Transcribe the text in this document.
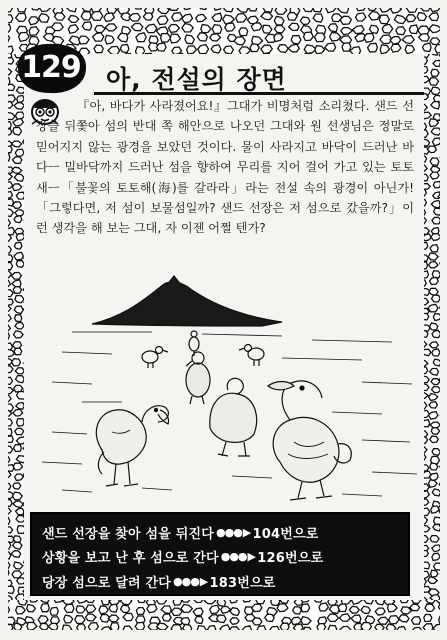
129	아, 전설의 장면
『아, 바다가 사라졌어요!』그대가 비명처럼 소리쳤다. 샌드 선장을 뒤쫓아 섬의 반대 쪽 해안으로 나오던 그대와 원 선생님은 정말로 믿어지지 않는 광경을 보았던 것이다. 물이 사라지고 바닥이 드러난 바다ㅡ 밀바닥까지 드러난 섬을 향하여 무리를 지어 걸어 가고 있는 토토 새ㅡ「불꽃의 토토해(海)를 갈라라」라는 전설 속의 광경이 아닌가!「그렇다면, 저 섬이 보물섬일까? 샌드 선장은 저 섬으로 갔을까?」이런 생각을 해 보는 그대, 자 이젠 어쩔 텐가?
샌드 선장을 찾아 섬을 뒤진다 ●●● ▶ 104번으로
상황을 보고 난 후 섬으로 간다 ●●● ▶ 126번으로
당장 섬으로 달려 간다 ●●● ▶ 183번으로
